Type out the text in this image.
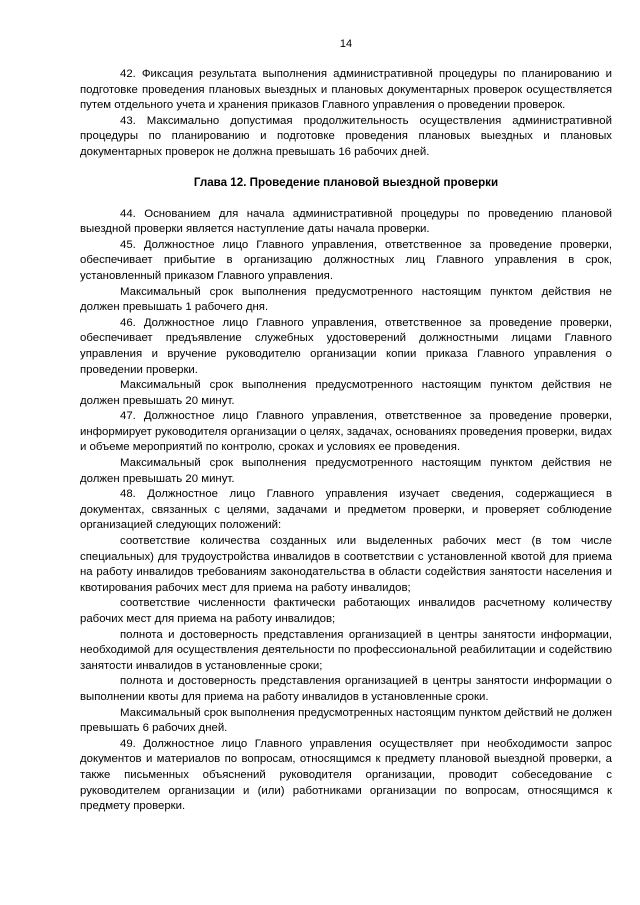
14

42. Фиксация результата выполнения административной процедуры по планированию и подготовке проведения плановых выездных и плановых документарных проверок осуществляется путем отдельного учета и хранения приказов Главного управления о проведении проверок.

43. Максимально допустимая продолжительность осуществления административной процедуры по планированию и подготовке проведения плановых выездных и плановых документарных проверок не должна превышать 16 рабочих дней.

Глава 12. Проведение плановой выездной проверки

44. Основанием для начала административной процедуры по проведению плановой выездной проверки является наступление даты начала проверки.

45. Должностное лицо Главного управления, ответственное за проведение проверки, обеспечивает прибытие в организацию должностных лиц Главного управления в срок, установленный приказом Главного управления.

Максимальный срок выполнения предусмотренного настоящим пунктом действия не должен превышать 1 рабочего дня.

46. Должностное лицо Главного управления, ответственное за проведение проверки, обеспечивает предъявление служебных удостоверений должностными лицами Главного управления и вручение руководителю организации копии приказа Главного управления о проведении проверки.

Максимальный срок выполнения предусмотренного настоящим пунктом действия не должен превышать 20 минут.

47. Должностное лицо Главного управления, ответственное за проведение проверки, информирует руководителя организации о целях, задачах, основаниях проведения проверки, видах и объеме мероприятий по контролю, сроках и условиях ее проведения.

Максимальный срок выполнения предусмотренного настоящим пунктом действия не должен превышать 20 минут.

48. Должностное лицо Главного управления изучает сведения, содержащиеся в документах, связанных с целями, задачами и предметом проверки, и проверяет соблюдение организацией следующих положений:

соответствие количества созданных или выделенных рабочих мест (в том числе специальных) для трудоустройства инвалидов в соответствии с установленной квотой для приема на работу инвалидов требованиям законодательства в области содействия занятости населения и квотирования рабочих мест для приема на работу инвалидов;

соответствие численности фактически работающих инвалидов расчетному количеству рабочих мест для приема на работу инвалидов;

полнота и достоверность представления организацией в центры занятости информации, необходимой для осуществления деятельности по профессиональной реабилитации и содействию занятости инвалидов в установленные сроки;

полнота и достоверность представления организацией в центры занятости информации о выполнении квоты для приема на работу инвалидов в установленные сроки.

Максимальный срок выполнения предусмотренных настоящим пунктом действий не должен превышать 6 рабочих дней.

49. Должностное лицо Главного управления осуществляет при необходимости запрос документов и материалов по вопросам, относящимся к предмету плановой выездной проверки, а также письменных объяснений руководителя организации, проводит собеседование с руководителем организации и (или) работниками организации по вопросам, относящимся к предмету проверки.
